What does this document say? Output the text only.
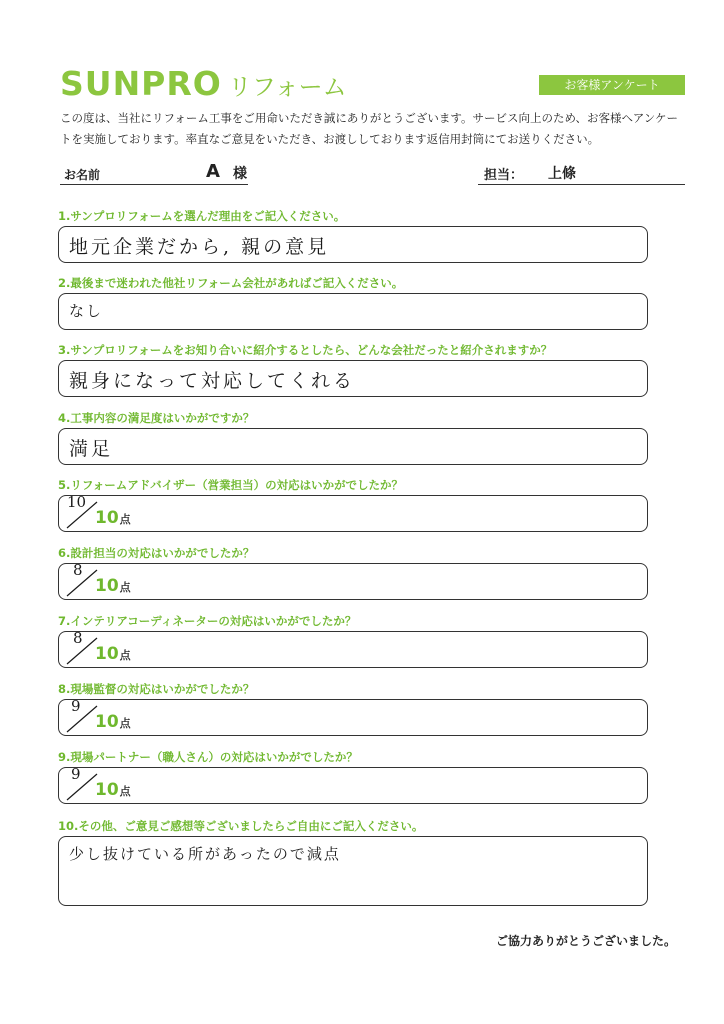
SUNPRO リフォーム	お客様アンケート
この度は、当社にリフォーム工事をご用命いただき誠にありがとうございます。サービス向上のため、お客様へアンケートを実施しております。率直なご意見をいただき、お渡ししております返信用封筒にてお送りください。
お名前	A 様	担当： 上條
1.サンプロリフォームを選んだ理由をご記入ください。
地元企業だから, 親の意見
2.最後まで迷われた他社リフォーム会社があればご記入ください。
なし
3.サンプロリフォームをお知り合いに紹介するとしたら、どんな会社だったと紹介されますか？
親身になって対応してくれる
4.工事内容の満足度はいかがですか？
満足
5.リフォームアドバイザー（営業担当）の対応はいかがでしたか？
10
10点
6.設計担当の対応はいかがでしたか？
8
10点
7.インテリアコーディネーターの対応はいかがでしたか？
8
10点
8.現場監督の対応はいかがでしたか？
9
10点
9.現場パートナー（職人さん）の対応はいかがでしたか？
9
10点
10.その他、ご意見ご感想等ございましたらご自由にご記入ください。
少し抜けている所があったので減点
ご協力ありがとうございました。
